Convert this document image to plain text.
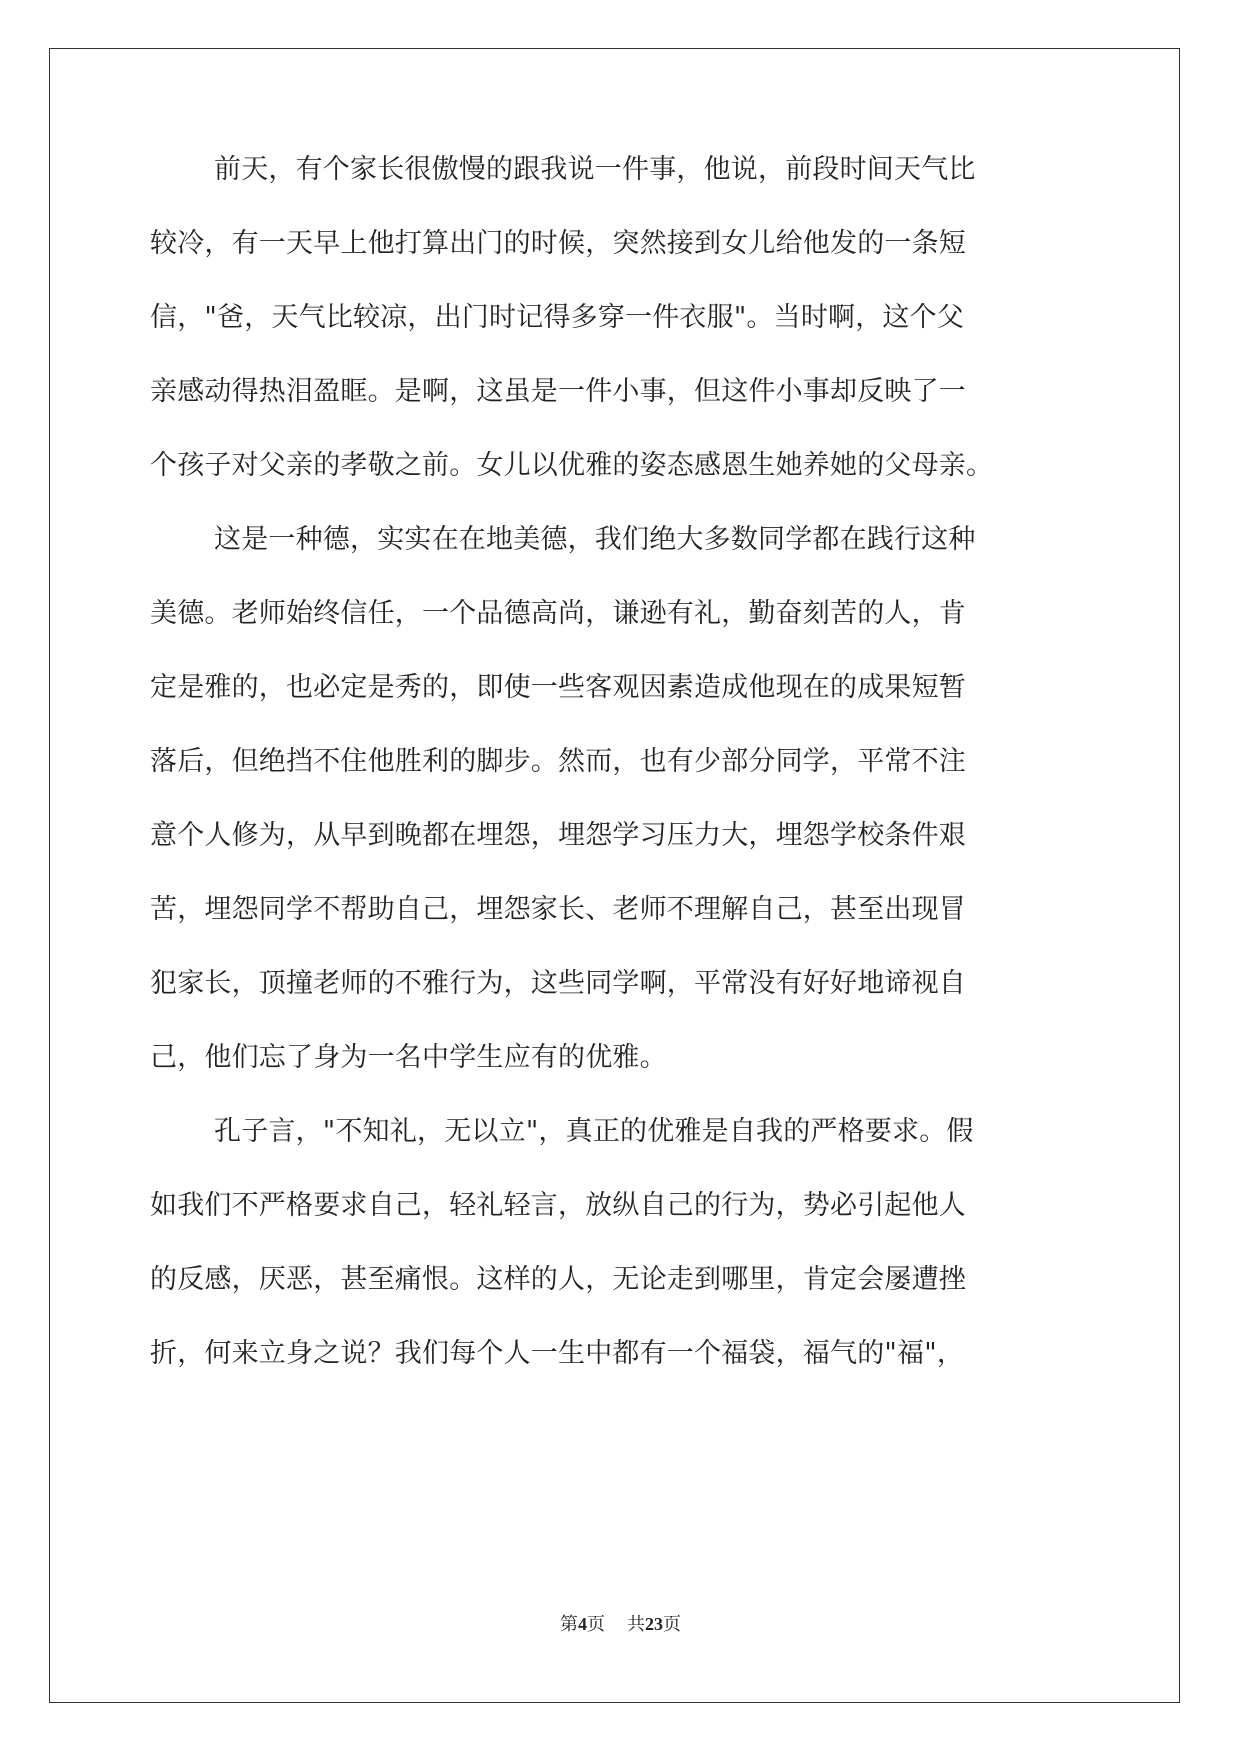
前天，有个家长很傲慢的跟我说一件事，他说，前段时间天气比
较冷，有一天早上他打算出门的时候，突然接到女儿给他发的一条短
信，"爸，天气比较凉，出门时记得多穿一件衣服"。当时啊，这个父
亲感动得热泪盈眶。是啊，这虽是一件小事，但这件小事却反映了一
个孩子对父亲的孝敬之前。女儿以优雅的姿态感恩生她养她的父母亲。
这是一种德，实实在在地美德，我们绝大多数同学都在践行这种
美德。老师始终信任，一个品德高尚，谦逊有礼，勤奋刻苦的人，肯
定是雅的，也必定是秀的，即使一些客观因素造成他现在的成果短暂
落后，但绝挡不住他胜利的脚步。然而，也有少部分同学，平常不注
意个人修为，从早到晚都在埋怨，埋怨学习压力大，埋怨学校条件艰
苦，埋怨同学不帮助自己，埋怨家长、老师不理解自己，甚至出现冒
犯家长，顶撞老师的不雅行为，这些同学啊，平常没有好好地谛视自
己，他们忘了身为一名中学生应有的优雅。
孔子言，"不知礼，无以立"，真正的优雅是自我的严格要求。假
如我们不严格要求自己，轻礼轻言，放纵自己的行为，势必引起他人
的反感，厌恶，甚至痛恨。这样的人，无论走到哪里，肯定会屡遭挫
折，何来立身之说？我们每个人一生中都有一个福袋，福气的"福"，
第4页 共23页
